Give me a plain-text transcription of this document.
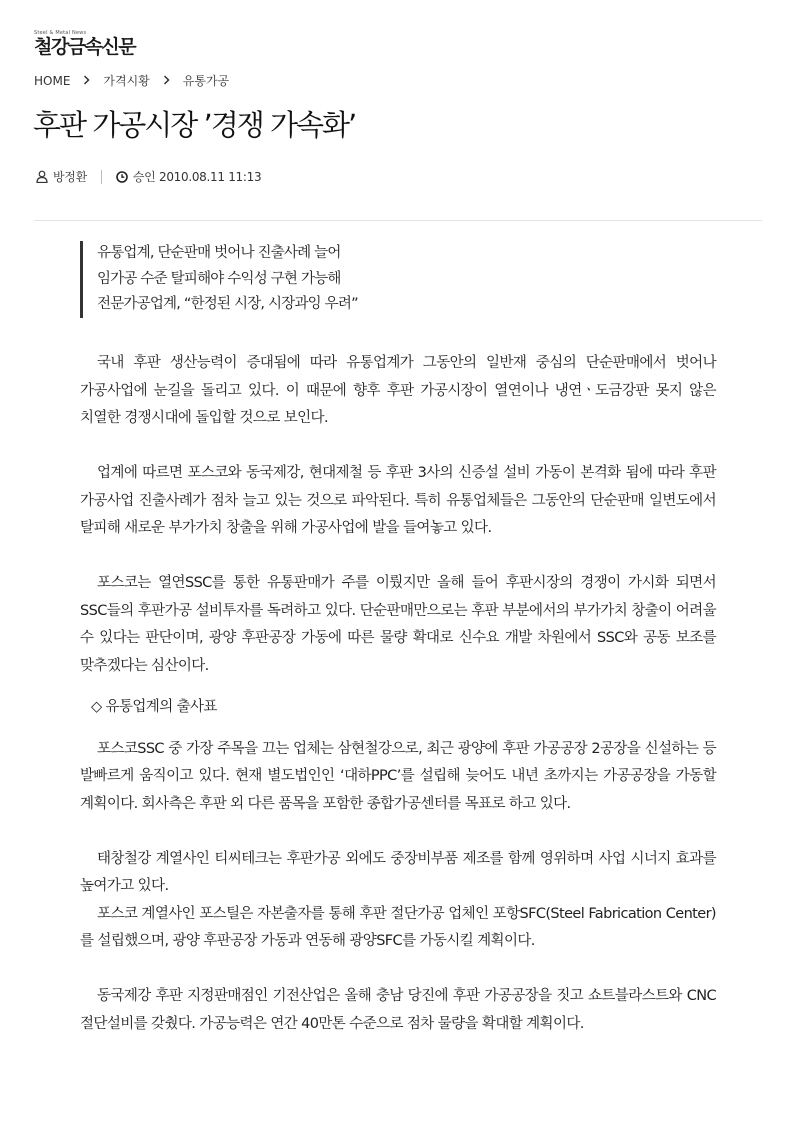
Steel & Metal News
철강금속신문
HOME	가격시황	유통가공
후판 가공시장 ’경쟁 가속화’
방정환	승인 2010.08.11 11:13
유통업계, 단순판매 벗어나 진출사례 늘어
임가공 수준 탈피해야 수익성 구현 가능해
전문가공업계, “한정된 시장, 시장과잉 우려”

국내 후판 생산능력이 증대됨에 따라 유통업계가 그동안의 일반재 중심의 단순판매에서 벗어나 가공사업에 눈길을 돌리고 있다. 이 때문에 향후 후판 가공시장이 열연이나 냉연ㆍ도금강판 못지 않은 치열한 경쟁시대에 돌입할 것으로 보인다.

업계에 따르면 포스코와 동국제강, 현대제철 등 후판 3사의 신증설 설비 가동이 본격화 됨에 따라 후판 가공사업 진출사례가 점차 늘고 있는 것으로 파악된다. 특히 유통업체들은 그동안의 단순판매 일변도에서 탈피해 새로운 부가가치 창출을 위해 가공사업에 발을 들여놓고 있다.

포스코는 열연SSC를 통한 유통판매가 주를 이뤘지만 올해 들어 후판시장의 경쟁이 가시화 되면서 SSC들의 후판가공 설비투자를 독려하고 있다. 단순판매만으로는 후판 부분에서의 부가가치 창출이 어려울 수 있다는 판단이며, 광양 후판공장 가동에 따른 물량 확대로 신수요 개발 차원에서 SSC와 공동 보조를 맞추겠다는 심산이다.

◇ 유통업계의 출사표

포스코SSC 중 가장 주목을 끄는 업체는 삼현철강으로, 최근 광양에 후판 가공공장 2공장을 신설하는 등 발빠르게 움직이고 있다. 현재 별도법인인 ‘대하PPC’를 설립해 늦어도 내년 초까지는 가공공장을 가동할 계획이다. 회사측은 후판 외 다른 품목을 포함한 종합가공센터를 목표로 하고 있다.

태창철강 계열사인 티씨테크는 후판가공 외에도 중장비부품 제조를 함께 영위하며 사업 시너지 효과를 높여가고 있다.

포스코 계열사인 포스틸은 자본출자를 통해 후판 절단가공 업체인 포항SFC(Steel Fabrication Center)를 설립했으며, 광양 후판공장 가동과 연동해 광양SFC를 가동시킬 계획이다.

동국제강 후판 지정판매점인 기전산업은 올해 충남 당진에 후판 가공공장을 짓고 쇼트블라스트와 CNC 절단설비를 갖췄다. 가공능력은 연간 40만톤 수준으로 점차 물량을 확대할 계획이다.
